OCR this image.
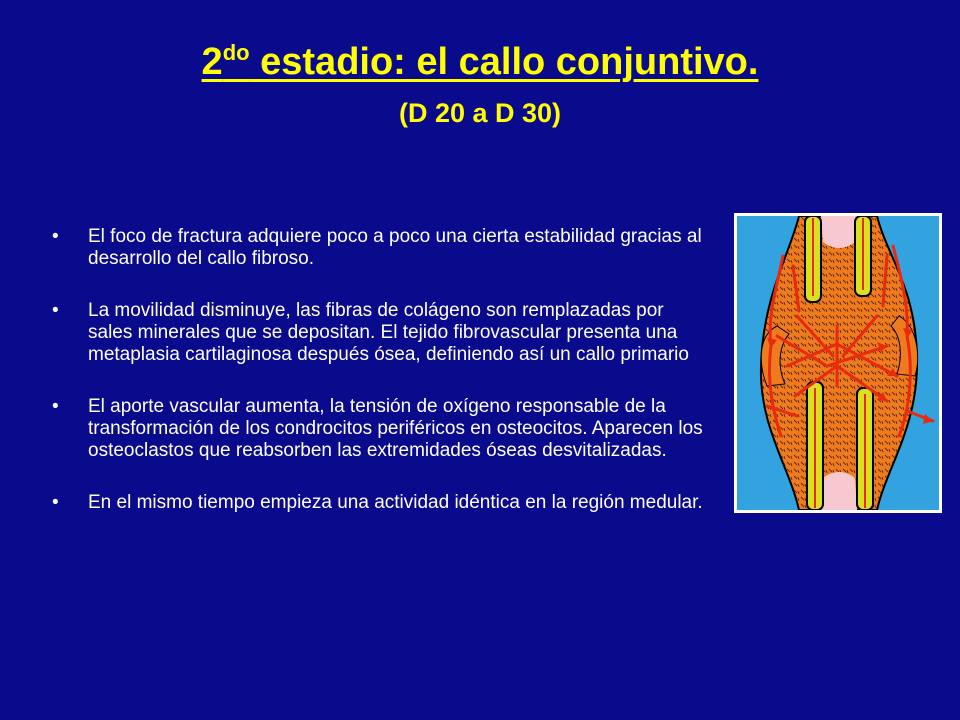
$2^{do}$ estadio: el callo conjuntivo.
(D 20 a D 30)
•	El foco de fractura adquiere poco a poco una cierta estabilidad gracias al desarrollo del callo fibroso.
•	La movilidad disminuye, las fibras de colágeno son remplazadas por sales minerales que se depositan. El tejido fibrovascular presenta una metaplasia cartilaginosa después ósea, definiendo así un callo primario
•	El aporte vascular aumenta, la tensión de oxígeno responsable de la transformación de los condrocitos periféricos en osteocitos. Aparecen los osteoclastos que reabsorben las extremidades óseas desvitalizadas.
•	En el mismo tiempo empieza una actividad idéntica en la región medular.
